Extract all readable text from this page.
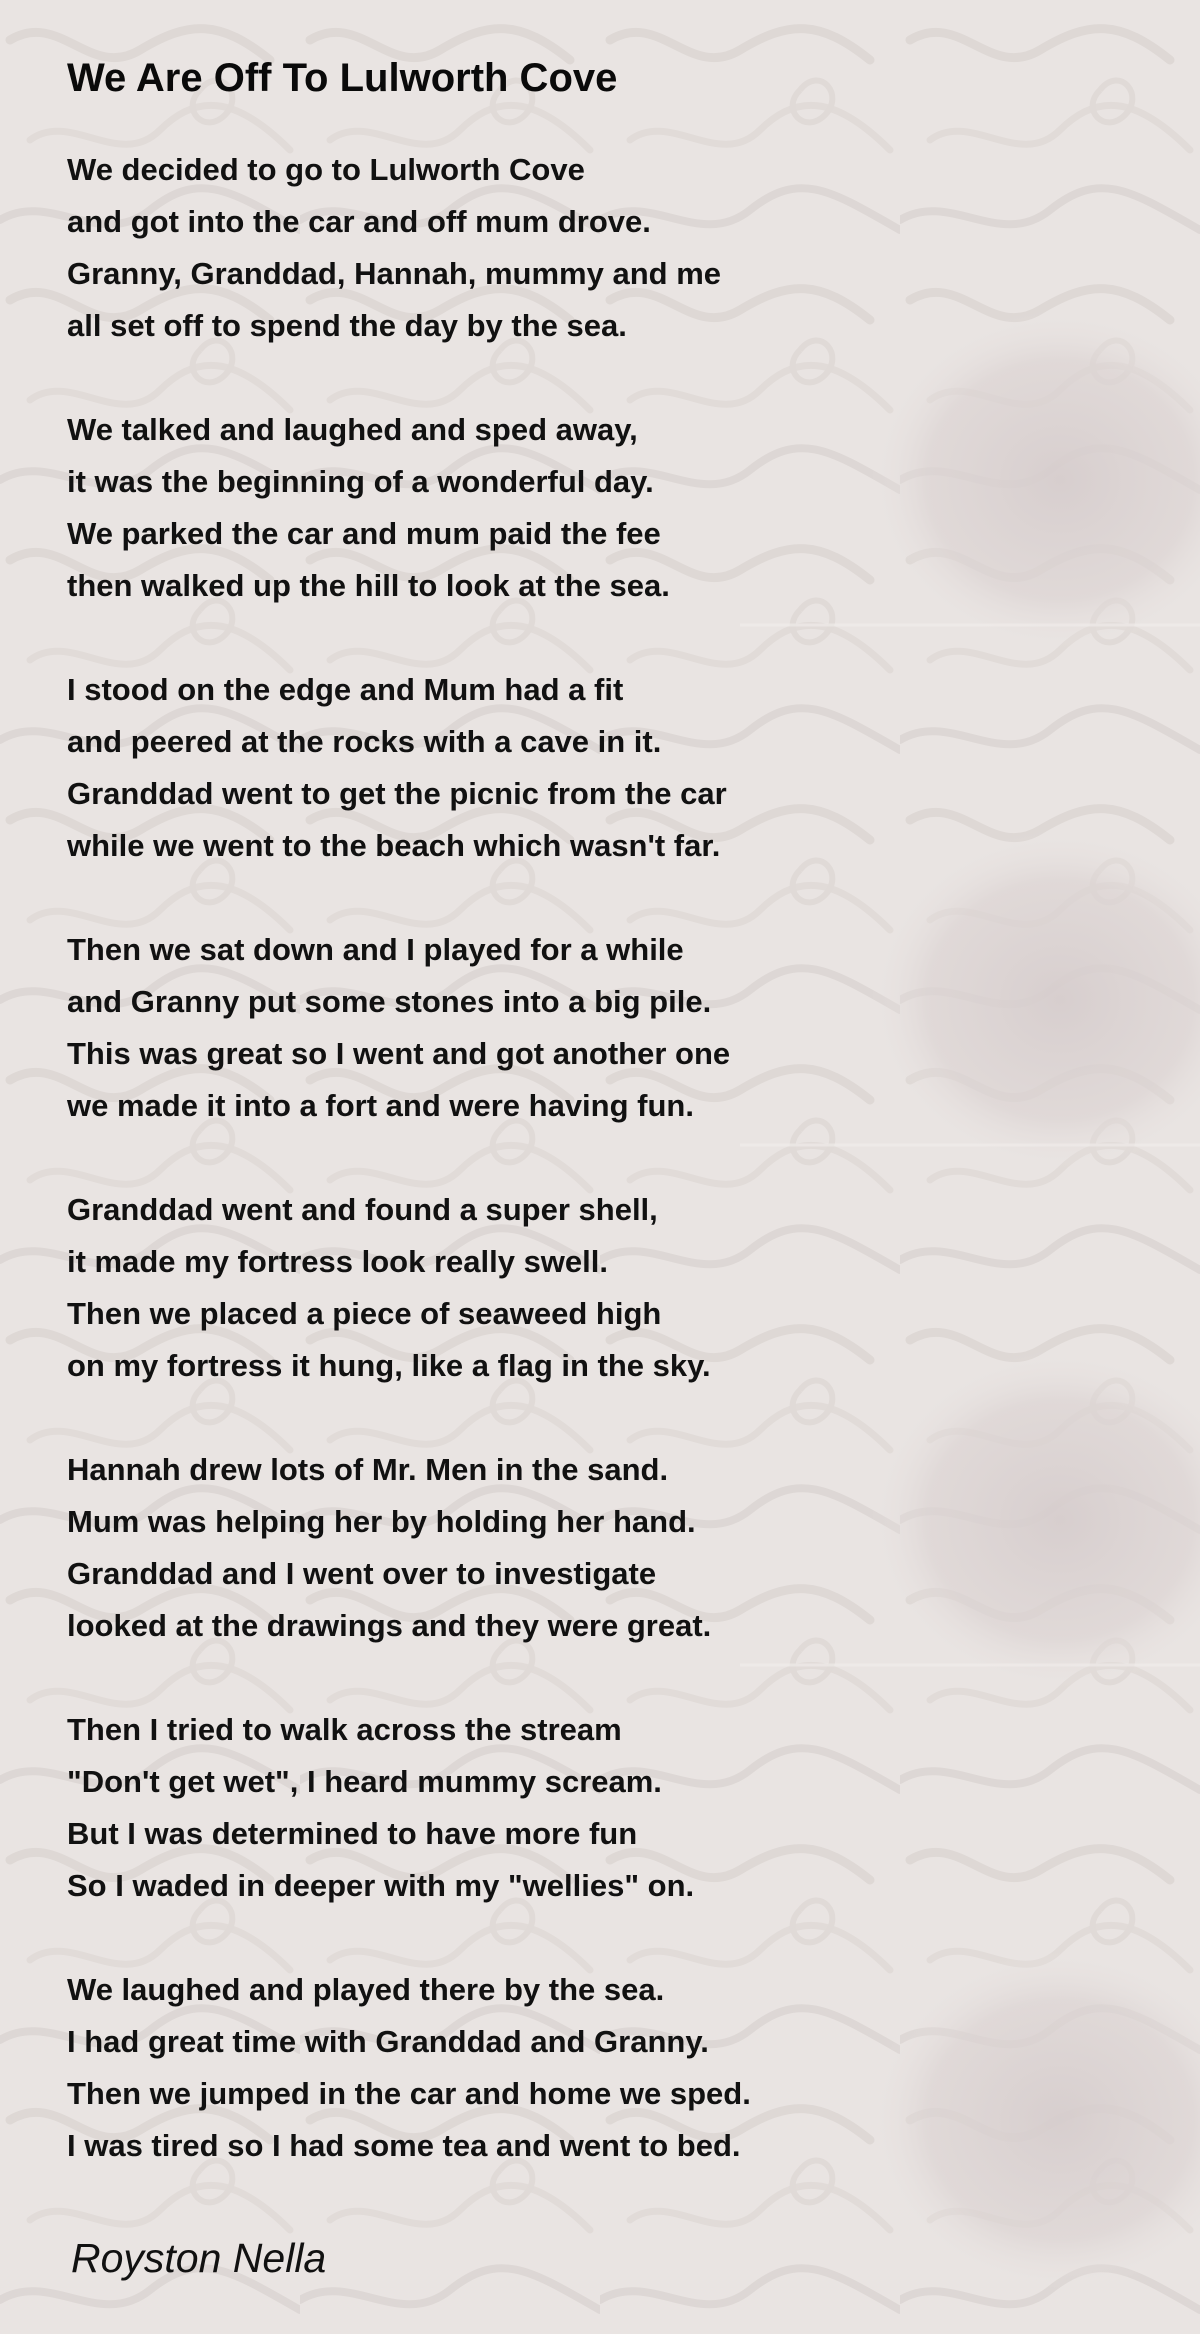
We Are Off To Lulworth Cove
We decided to go to Lulworth Cove
and got into the car and off mum drove.
Granny, Granddad, Hannah, mummy and me
all set off to spend the day by the sea.
We talked and laughed and sped away,
it was the beginning of a wonderful day.
We parked the car and mum paid the fee
then walked up the hill to look at the sea.
I stood on the edge and Mum had a fit
and peered at the rocks with a cave in it.
Granddad went to get the picnic from the car
while we went to the beach which wasn't far.
Then we sat down and I played for a while
and Granny put some stones into a big pile.
This was great so I went and got another one
we made it into a fort and were having fun.
Granddad went and found a super shell,
it made my fortress look really swell.
Then we placed a piece of seaweed high
on my fortress it hung, like a flag in the sky.
Hannah drew lots of Mr. Men in the sand.
Mum was helping her by holding her hand.
Granddad and I went over to investigate
looked at the drawings and they were great.
Then I tried to walk across the stream
"Don't get wet", I heard mummy scream.
But I was determined to have more fun
So I waded in deeper with my "wellies" on.
We laughed and played there by the sea.
I had great time with Granddad and Granny.
Then we jumped in the car and home we sped.
I was tired so I had some tea and went to bed.

Royston Nella
